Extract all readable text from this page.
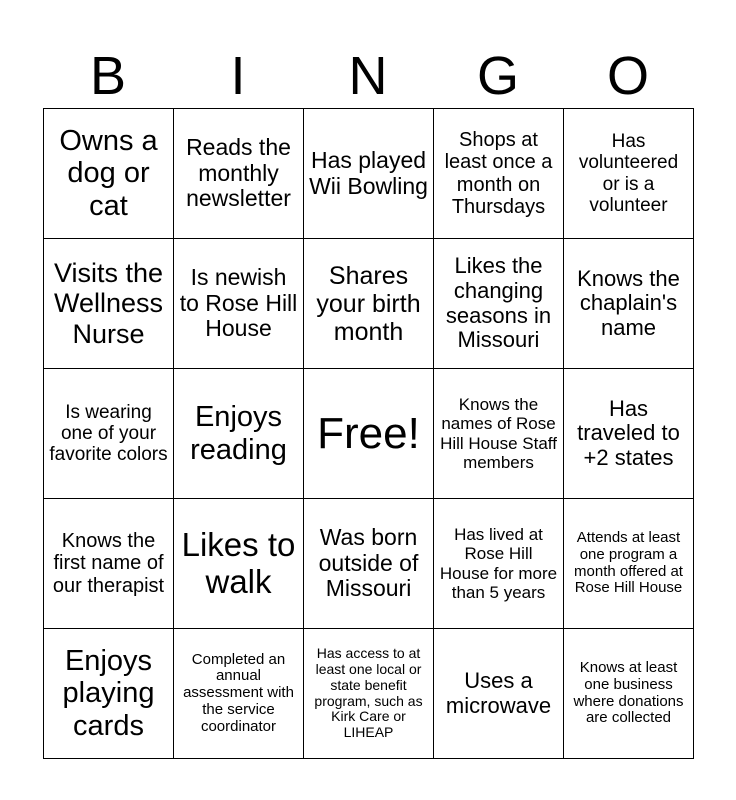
B	I	N	G	O
Owns a dog or cat	Reads the monthly newsletter	Has played Wii Bowling	Shops at least once a month on Thursdays	Has volunteered or is a volunteer
Visits the Wellness Nurse	Is newish to Rose Hill House	Shares your birth month	Likes the changing seasons in Missouri	Knows the chaplain's name
Is wearing one of your favorite colors	Enjoys reading	Free!	Knows the names of Rose Hill House Staff members	Has traveled to +2 states
Knows the first name of our therapist	Likes to walk	Was born outside of Missouri	Has lived at Rose Hill House for more than 5 years	Attends at least one program a month offered at Rose Hill House
Enjoys playing cards	Completed an annual assessment with the service coordinator	Has access to at least one local or state benefit program, such as Kirk Care or LIHEAP	Uses a microwave	Knows at least one business where donations are collected
